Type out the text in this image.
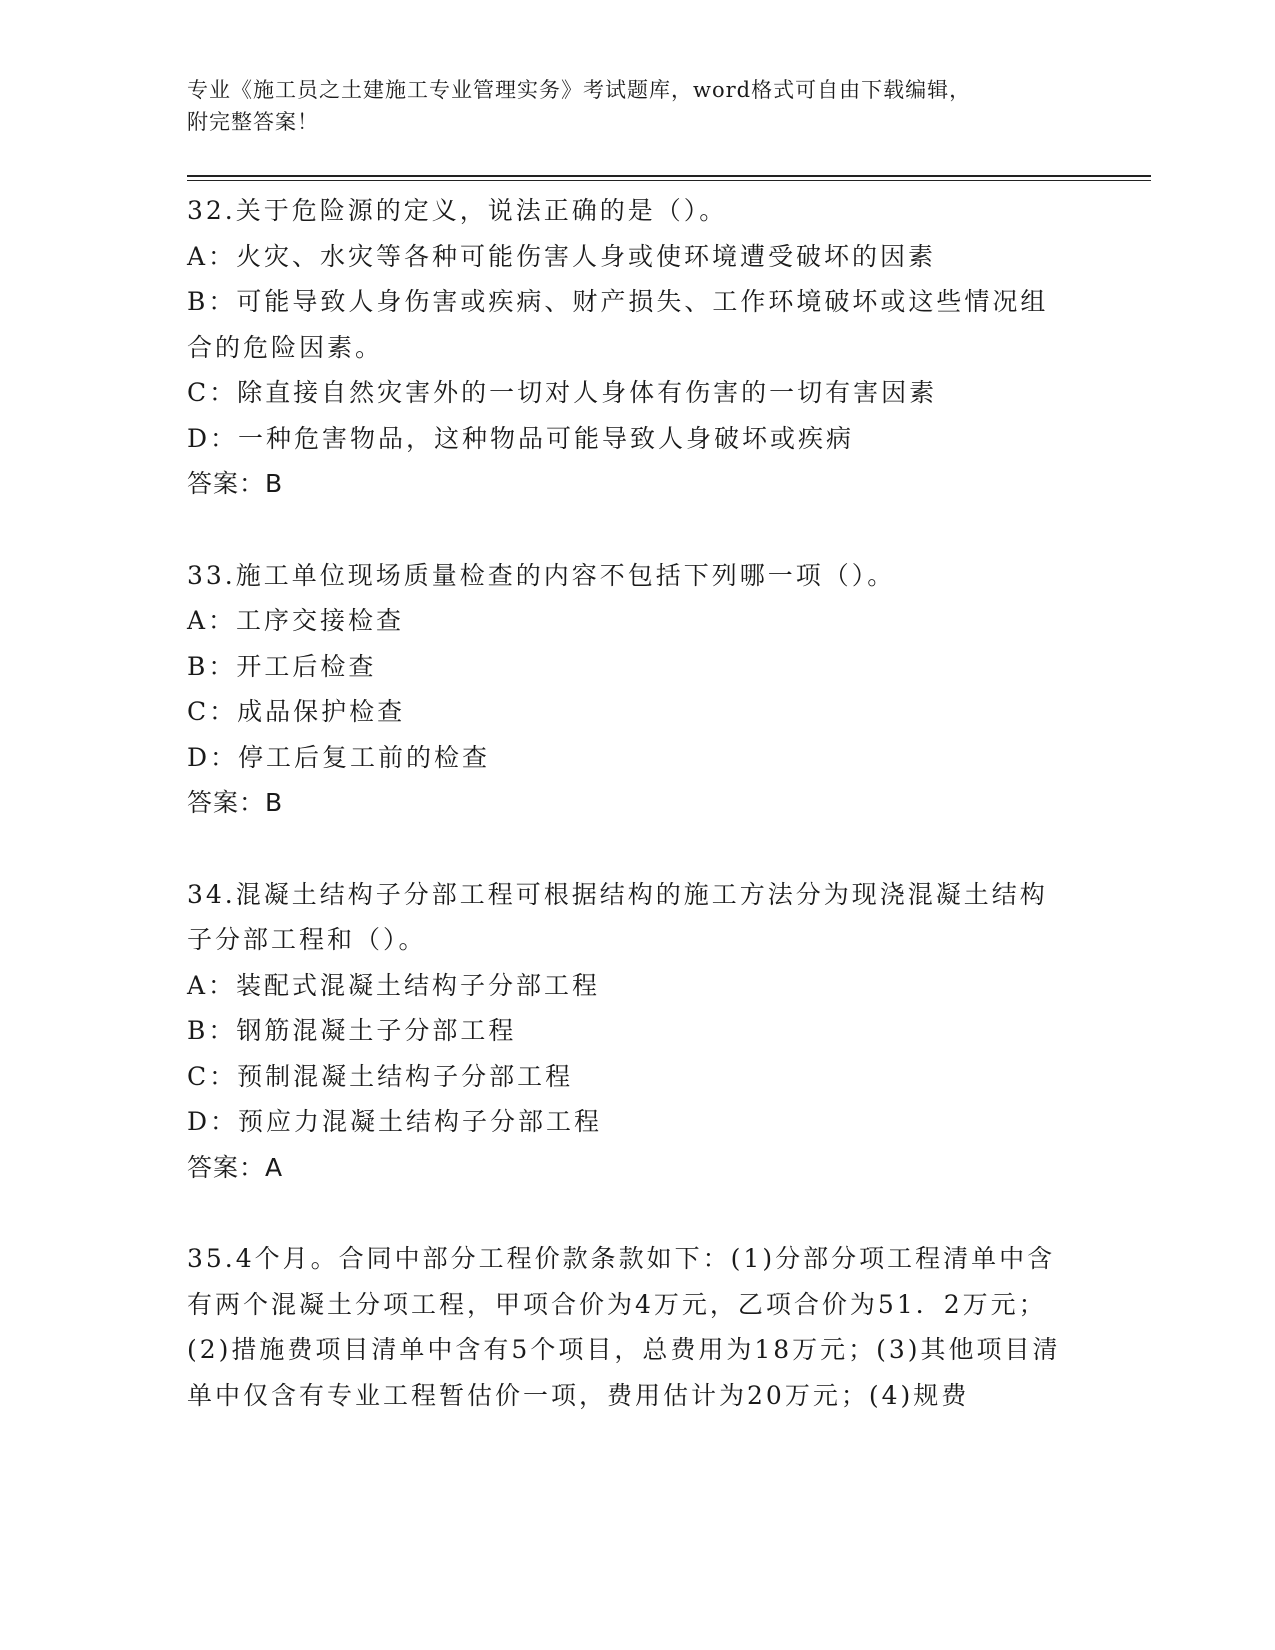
专业《施工员之土建施工专业管理实务》考试题库，word格式可自由下载编辑，
附完整答案！
32.关于危险源的定义，说法正确的是（）。
A：火灾、水灾等各种可能伤害人身或使环境遭受破坏的因素
B：可能导致人身伤害或疾病、财产损失、工作环境破坏或这些情况组合的危险因素。
C：除直接自然灾害外的一切对人身体有伤害的一切有害因素
D：一种危害物品，这种物品可能导致人身破坏或疾病
答案：B
33.施工单位现场质量检查的内容不包括下列哪一项（）。
A：工序交接检查
B：开工后检查
C：成品保护检查
D：停工后复工前的检查
答案：B
34.混凝土结构子分部工程可根据结构的施工方法分为现浇混凝土结构子分部工程和（）。
A：装配式混凝土结构子分部工程
B：钢筋混凝土子分部工程
C：预制混凝土结构子分部工程
D：预应力混凝土结构子分部工程
答案：A
35.4个月。合同中部分工程价款条款如下：(1)分部分项工程清单中含有两个混凝土分项工程，甲项合价为4万元，乙项合价为51．2万元；(2)措施费项目清单中含有5个项目，总费用为18万元；(3)其他项目清单中仅含有专业工程暂估价一项，费用估计为20万元；(4)规费
